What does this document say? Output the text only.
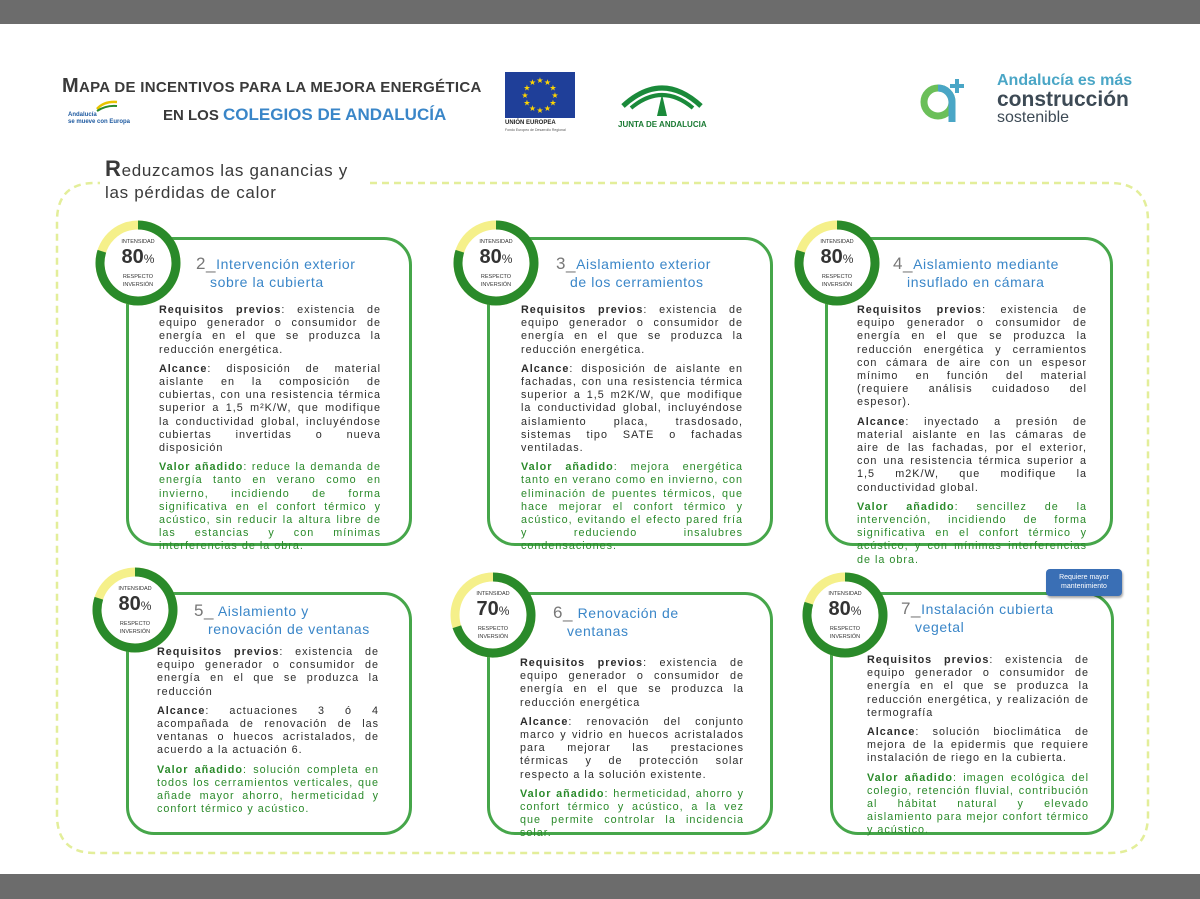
MAPA DE INCENTIVOS PARA LA MEJORA ENERGÉTICA
EN LOS COLEGIOS DE ANDALUCÍA
Andalucía
se mueve con Europa
★
★
★
★
★
★
★
★
★ ★ ★
★
UNIÓN EUROPEA
Fondo Europeo de Desarrollo Regional
JUNTA DE ANDALUCIA
Andalucía es más
construcción
sostenible
Reduzcamos las ganancias y
las pérdidas de calor
2_Intervención exterior
sobre la cubierta

Requisitos previos: existencia de equipo generador o consumidor de energía en el que se produzca la reducción energética.

Alcance: disposición de material aislante en la composición de cubiertas, con una resistencia térmica superior a 1,5 m²K/W, que modifique la conductividad global, incluyéndose cubiertas invertidas o nueva disposición

Valor añadido: reduce la demanda de energía tanto en verano como en invierno, incidiendo de forma significativa en el confort térmico y acústico, sin reducir la altura libre de las estancias y con mínimas interferencias de la obra.

3_Aislamiento exterior
de los cerramientos

Requisitos previos: existencia de equipo generador o consumidor de energía en el que se produzca la reducción energética.

Alcance: disposición de aislante en fachadas, con una resistencia térmica superior a 1,5 m2K/W, que modifique la conductividad global, incluyéndose aislamiento placa, trasdosado, sistemas tipo SATE o fachadas ventiladas.

Valor añadido: mejora energética tanto en verano como en invierno, con eliminación de puentes térmicos, que hace mejorar el confort térmico y acústico, evitando el efecto pared fría y reduciendo insalubres condensaciones.

4_Aislamiento mediante
insuflado en cámara

Requisitos previos: existencia de equipo generador o consumidor de energía en el que se produzca la reducción energética y cerramientos con cámara de aire con un espesor mínimo en función del material (requiere análisis cuidadoso del espesor).

Alcance: inyectado a presión de material aislante en las cámaras de aire de las fachadas, por el exterior, con una resistencia térmica superior a 1,5 m2K/W, que modifique la conductividad global.

Valor añadido: sencillez de la intervención, incidiendo de forma significativa en el confort térmico y acústico, y con mínimas interferencias de la obra.

5_ Aislamiento y
renovación de ventanas

Requisitos previos: existencia de equipo generador o consumidor de energía en el que se produzca la reducción

Alcance: actuaciones 3 ó 4 acompañada de renovación de las ventanas o huecos acristalados, de acuerdo a la actuación 6.

Valor añadido: solución completa en todos los cerramientos verticales, que añade mayor ahorro, hermeticidad y confort térmico y acústico.

6_ Renovación de
ventanas

Requisitos previos: existencia de equipo generador o consumidor de energía en el que se produzca la reducción energética

Alcance: renovación del conjunto marco y vidrio en huecos acristalados para mejorar las prestaciones térmicas y de protección solar respecto a la solución existente.

Valor añadido: hermeticidad, ahorro y confort térmico y acústico, a la vez que permite controlar la incidencia solar.

7_Instalación cubierta
vegetal

Requisitos previos: existencia de equipo generador o consumidor de energía en el que se produzca la reducción energética, y realización de termografía

Alcance: solución bioclimática de mejora de la epidermis que requiere instalación de riego en la cubierta.

Valor añadido: imagen ecológica del colegio, retención fluvial, contribución al hábitat natural y elevado aislamiento para mejor confort térmico y acústico.

INTENSIDAD
80%
RESPECTO
INVERSIÓN
INTENSIDAD
80%
RESPECTO
INVERSIÓN
INTENSIDAD
80%
RESPECTO
INVERSIÓN
INTENSIDAD
80%
RESPECTO
INVERSIÓN
INTENSIDAD
70%
RESPECTO
INVERSIÓN
INTENSIDAD
80%
RESPECTO
INVERSIÓN
Requiere mayor
mantenimiento
